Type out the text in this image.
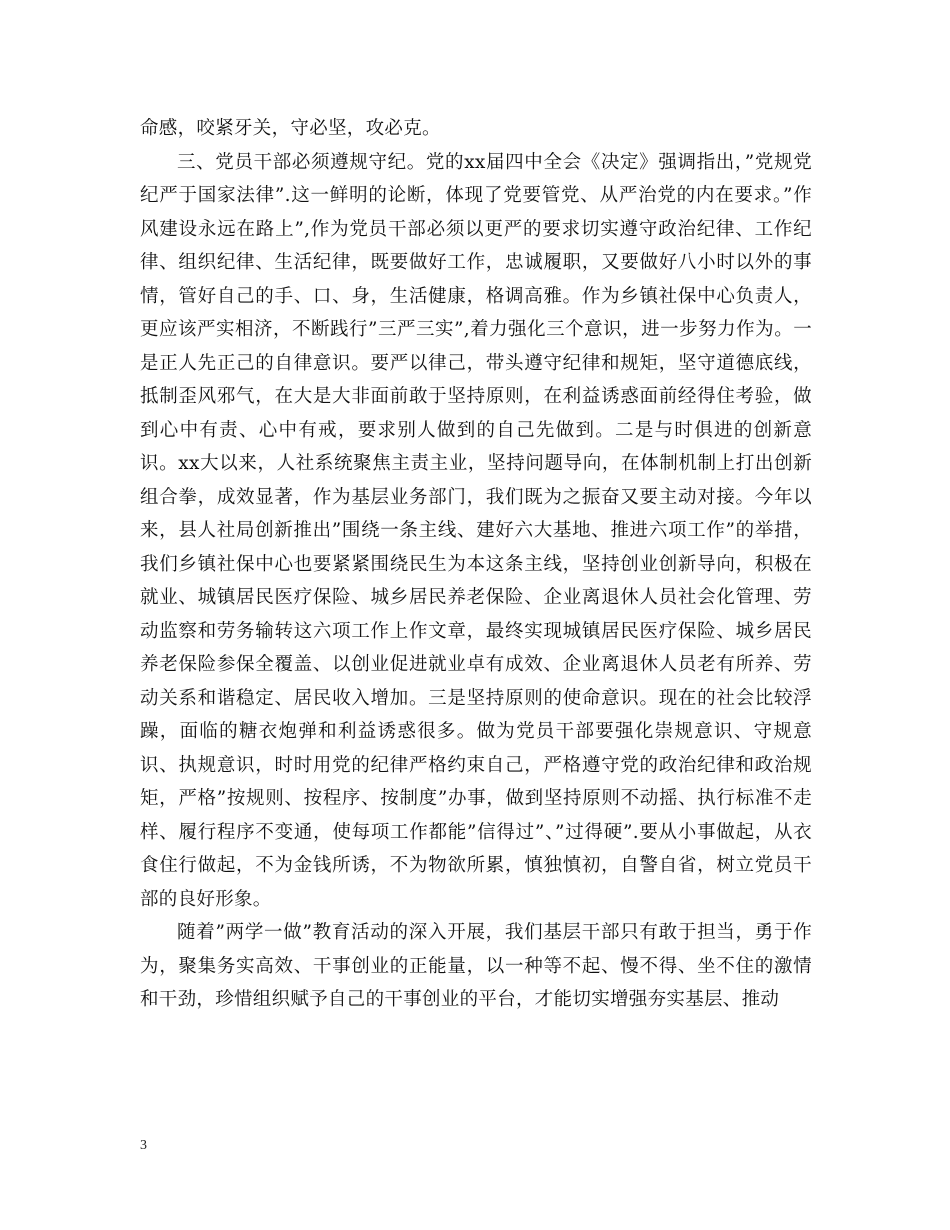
命感，咬紧牙关，守必坚，攻必克。

三、党员干部必须遵规守纪。党的xx届四中全会《决定》强调指出，”党规党纪严于国家法律”.这一鲜明的论断，体现了党要管党、从严治党的内在要求。”作风建设永远在路上”,作为党员干部必须以更严的要求切实遵守政治纪律、工作纪律、组织纪律、生活纪律，既要做好工作，忠诚履职，又要做好八小时以外的事情，管好自己的手、口、身，生活健康，格调高雅。作为乡镇社保中心负责人，更应该严实相济，不断践行”三严三实”,着力强化三个意识，进一步努力作为。一是正人先正己的自律意识。要严以律己，带头遵守纪律和规矩，坚守道德底线，抵制歪风邪气，在大是大非面前敢于坚持原则，在利益诱惑面前经得住考验，做到心中有责、心中有戒，要求别人做到的自己先做到。二是与时俱进的创新意识。xx大以来，人社系统聚焦主责主业，坚持问题导向，在体制机制上打出创新组合拳，成效显著，作为基层业务部门，我们既为之振奋又要主动对接。今年以来，县人社局创新推出”围绕一条主线、建好六大基地、推进六项工作”的举措，我们乡镇社保中心也要紧紧围绕民生为本这条主线，坚持创业创新导向，积极在就业、城镇居民医疗保险、城乡居民养老保险、企业离退休人员社会化管理、劳动监察和劳务输转这六项工作上作文章，最终实现城镇居民医疗保险、城乡居民养老保险参保全覆盖、以创业促进就业卓有成效、企业离退休人员老有所养、劳动关系和谐稳定、居民收入增加。三是坚持原则的使命意识。现在的社会比较浮躁，面临的糖衣炮弹和利益诱惑很多。做为党员干部要强化崇规意识、守规意识、执规意识，时时用党的纪律严格约束自己，严格遵守党的政治纪律和政治规矩，严格”按规则、按程序、按制度”办事，做到坚持原则不动摇、执行标准不走样、履行程序不变通，使每项工作都能”信得过”、”过得硬”.要从小事做起，从衣食住行做起，不为金钱所诱，不为物欲所累，慎独慎初，自警自省，树立党员干部的良好形象。

随着”两学一做”教育活动的深入开展，我们基层干部只有敢于担当，勇于作为，聚集务实高效、干事创业的正能量，以一种等不起、慢不得、坐不住的激情和干劲，珍惜组织赋予自己的干事创业的平台，才能切实增强夯实基层、推动

3
